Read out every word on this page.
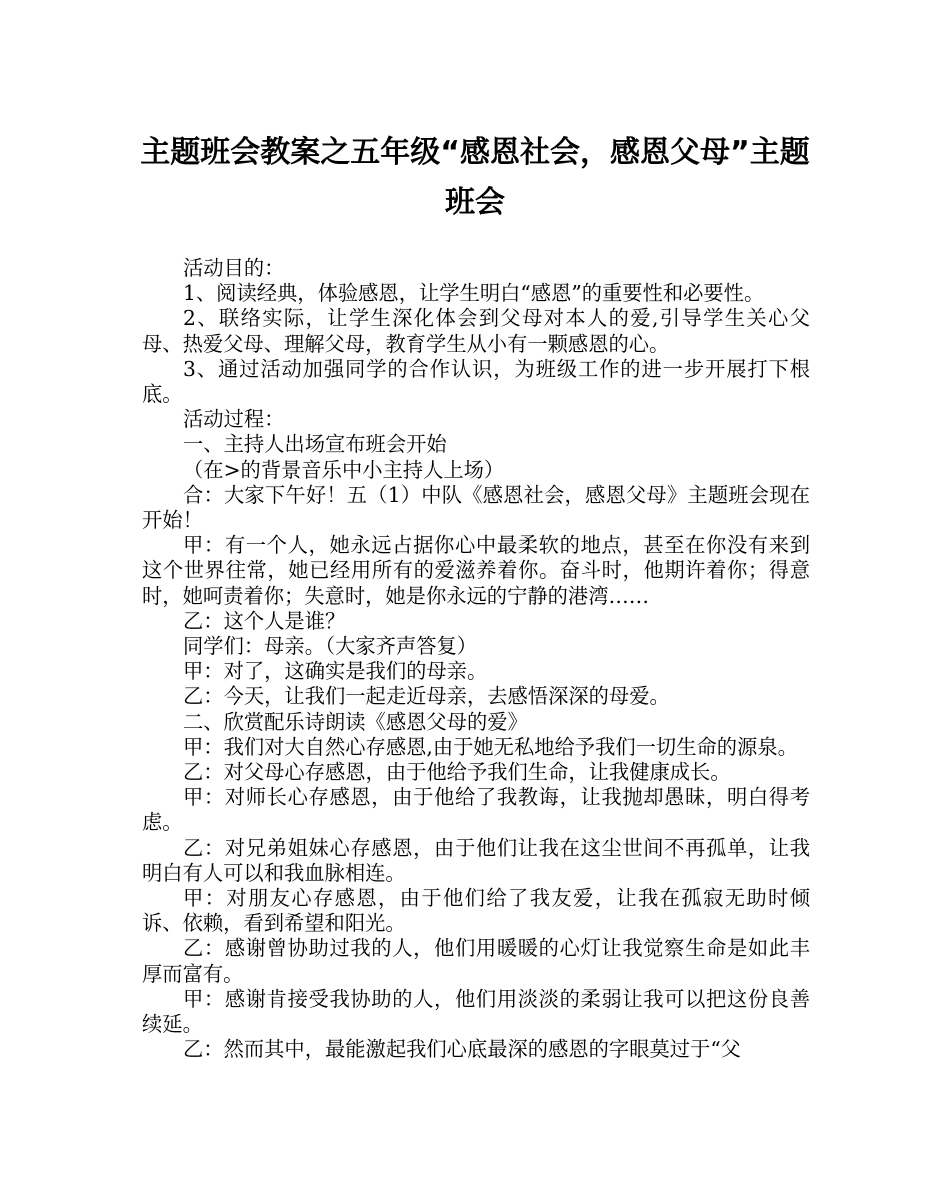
主题班会教案之五年级“感恩社会，感恩父母”主题班会

活动目的：

1、阅读经典，体验感恩，让学生明白“感恩”的重要性和必要性。

2、联络实际，让学生深化体会到父母对本人的爱,引导学生关心父母、热爱父母、理解父母，教育学生从小有一颗感恩的心。

3、通过活动加强同学的合作认识，为班级工作的进一步开展打下根底。

活动过程：

一、主持人出场宣布班会开始

（在>的背景音乐中小主持人上场）

合：大家下午好！五（1）中队《感恩社会，感恩父母》主题班会现在开始！

甲：有一个人，她永远占据你心中最柔软的地点，甚至在你没有来到这个世界往常，她已经用所有的爱滋养着你。奋斗时，他期许着你；得意时，她呵责着你；失意时，她是你永远的宁静的港湾……

乙：这个人是谁？

同学们：母亲。（大家齐声答复）

甲：对了，这确实是我们的母亲。

乙：今天，让我们一起走近母亲，去感悟深深的母爱。

二、欣赏配乐诗朗读《感恩父母的爱》

甲：我们对大自然心存感恩,由于她无私地给予我们一切生命的源泉。

乙：对父母心存感恩，由于他给予我们生命，让我健康成长。

甲：对师长心存感恩，由于他给了我教诲，让我抛却愚昧，明白得考虑。

乙：对兄弟姐妹心存感恩，由于他们让我在这尘世间不再孤单，让我明白有人可以和我血脉相连。

甲：对朋友心存感恩，由于他们给了我友爱，让我在孤寂无助时倾诉、依赖，看到希望和阳光。

乙：感谢曾协助过我的人，他们用暖暖的心灯让我觉察生命是如此丰厚而富有。

甲：感谢肯接受我协助的人，他们用淡淡的柔弱让我可以把这份良善续延。

乙：然而其中，最能激起我们心底最深的感恩的字眼莫过于“父
